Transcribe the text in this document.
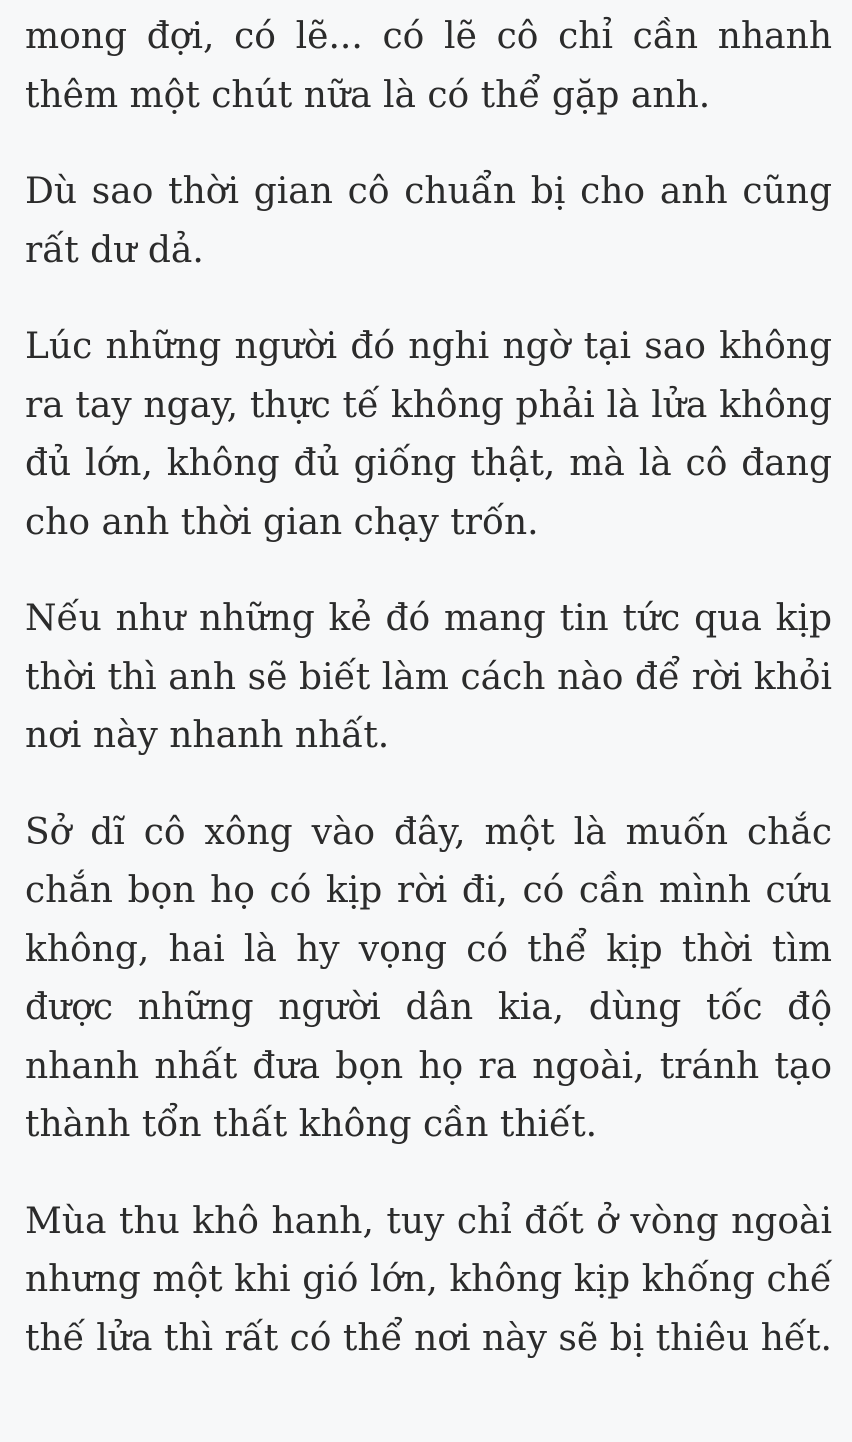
mong đợi, có lẽ... có lẽ cô chỉ cần nhanh thêm một chút nữa là có thể gặp anh.

Dù sao thời gian cô chuẩn bị cho anh cũng rất dư dả.

Lúc những người đó nghi ngờ tại sao không ra tay ngay, thực tế không phải là lửa không đủ lớn, không đủ giống thật, mà là cô đang cho anh thời gian chạy trốn.

Nếu như những kẻ đó mang tin tức qua kịp thời thì anh sẽ biết làm cách nào để rời khỏi nơi này nhanh nhất.

Sở dĩ cô xông vào đây, một là muốn chắc chắn bọn họ có kịp rời đi, có cần mình cứu không, hai là hy vọng có thể kịp thời tìm được những người dân kia, dùng tốc độ nhanh nhất đưa bọn họ ra ngoài, tránh tạo thành tổn thất không cần thiết.

Mùa thu khô hanh, tuy chỉ đốt ở vòng ngoài nhưng một khi gió lớn, không kịp khống chế thế lửa thì rất có thể nơi này sẽ bị thiêu hết.
